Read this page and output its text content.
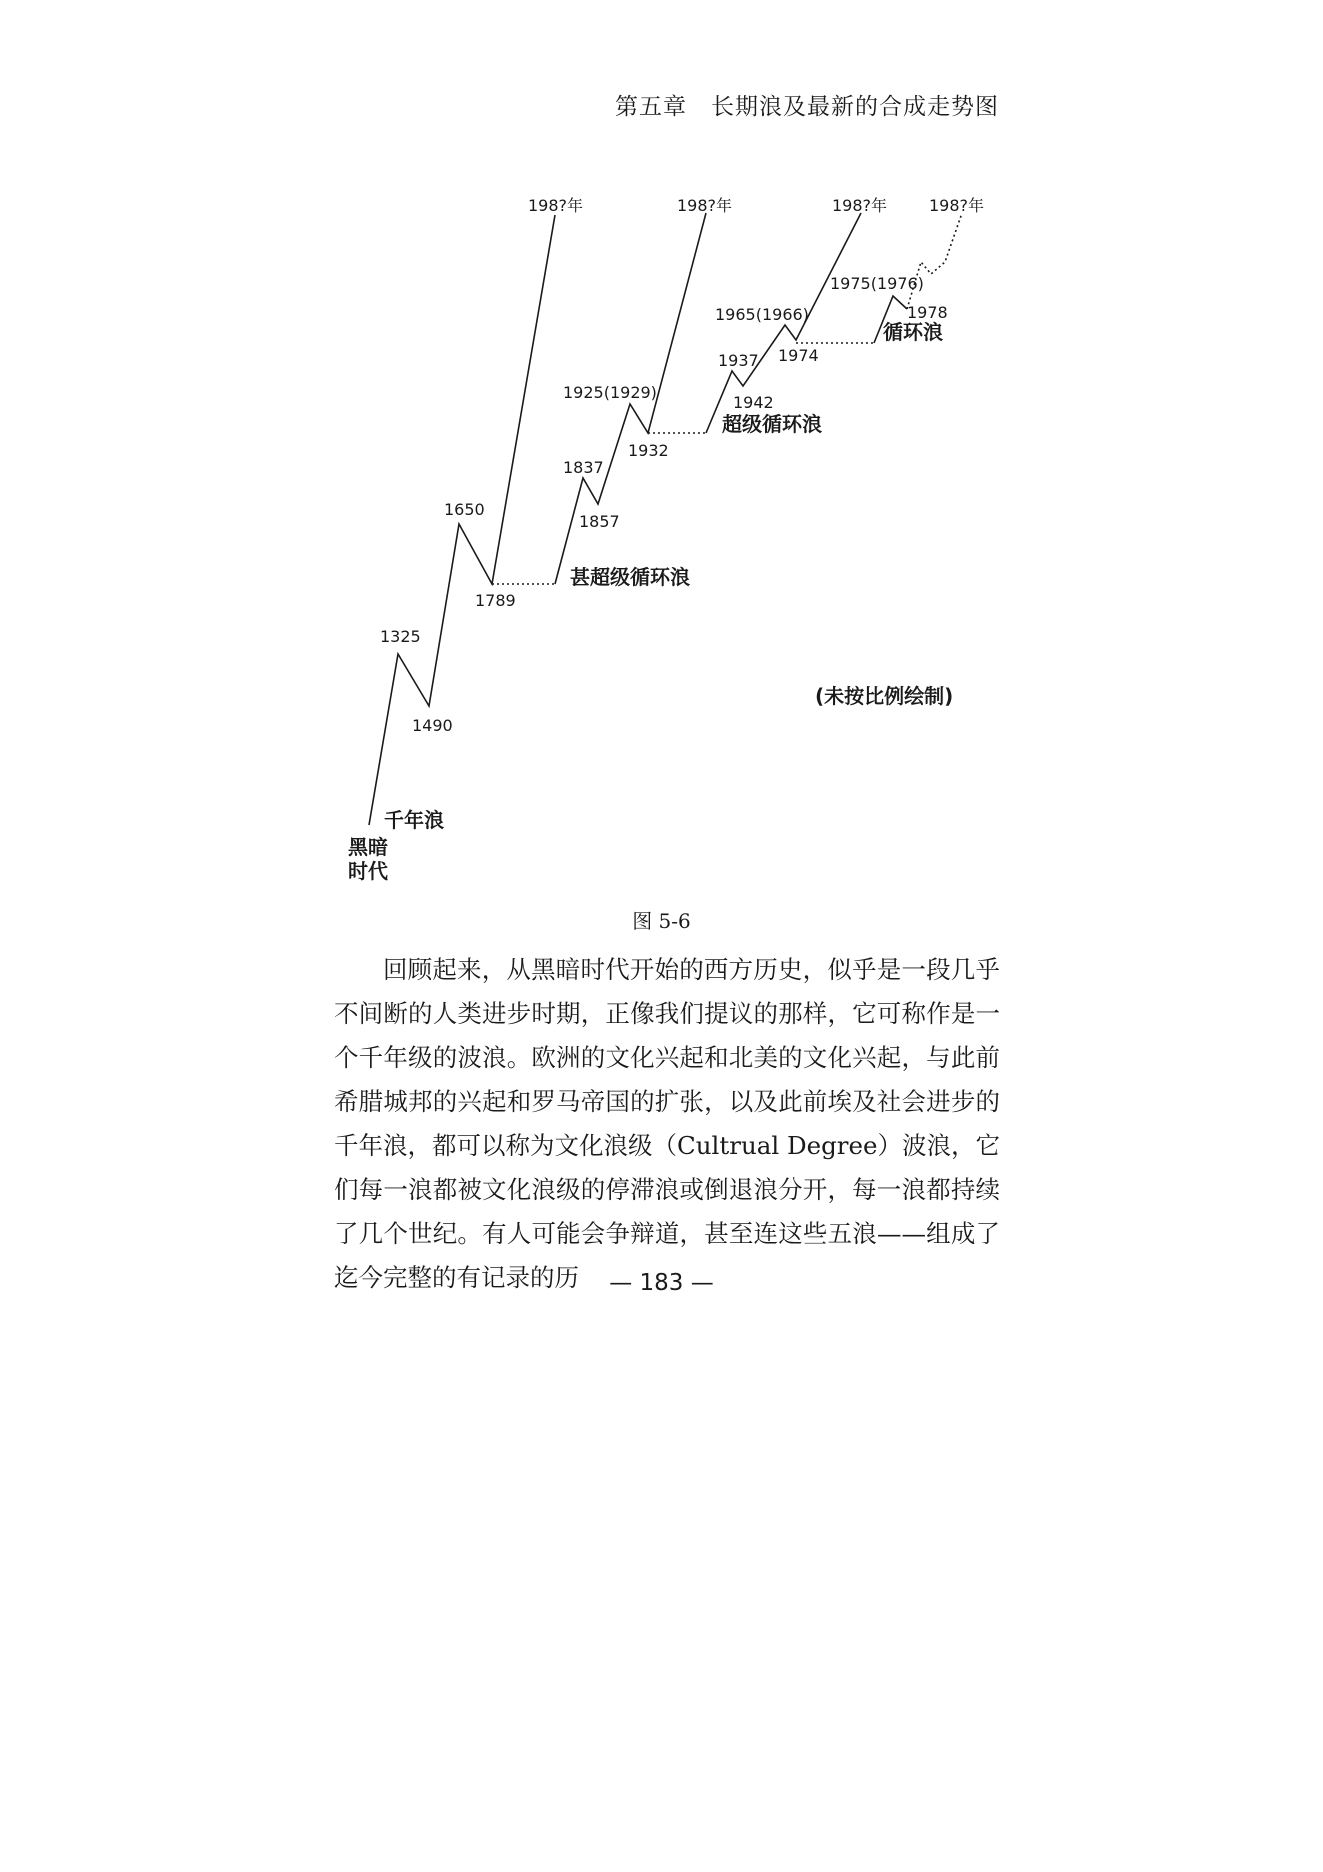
第五章　长期浪及最新的合成走势图
1325
1490
1650
1789
1837
1857
1925(1929)
1932
1937
1942
1965(1966)
1974
1975(1976)
1978
198?年	198?年	198?年	198?年
千年浪
甚超级循环浪
超级循环浪
循环浪
(未按比例绘制)
黑暗
时代
图 5-6

回顾起来，从黑暗时代开始的西方历史，似乎是一段几乎不间断的人类进步时期，正像我们提议的那样，它可称作是一个千年级的波浪。欧洲的文化兴起和北美的文化兴起，与此前希腊城邦的兴起和罗马帝国的扩张，以及此前埃及社会进步的千年浪，都可以称为文化浪级（Cultrual Degree）波浪，它们每一浪都被文化浪级的停滞浪或倒退浪分开，每一浪都持续了几个世纪。有人可能会争辩道，甚至连这些五浪——组成了迄今完整的有记录的历	— 183 —
